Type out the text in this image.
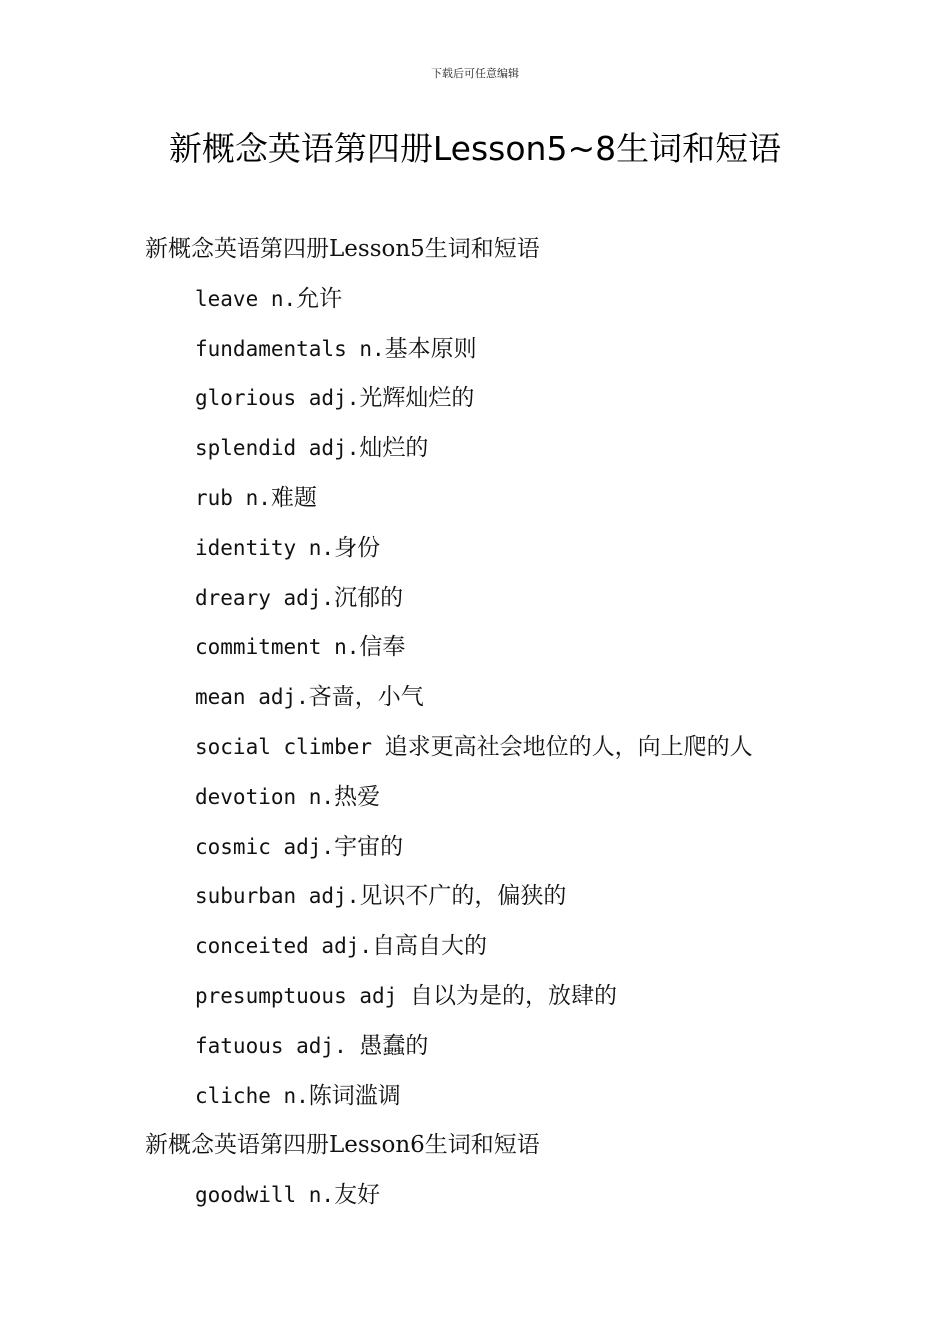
下载后可任意编辑
新概念英语第四册Lesson5~8生词和短语
新概念英语第四册Lesson5生词和短语
leave n.允许
fundamentals n.基本原则
glorious adj.光辉灿烂的
splendid adj.灿烂的
rub n.难题
identity n.身份
dreary adj.沉郁的
commitment n.信奉
mean adj.吝啬，小气
social climber 追求更高社会地位的人，向上爬的人
devotion n.热爱
cosmic adj.宇宙的
suburban adj.见识不广的，偏狭的
conceited adj.自高自大的
presumptuous adj 自以为是的，放肆的
fatuous adj. 愚蠢的
cliche n.陈词滥调
新概念英语第四册Lesson6生词和短语
goodwill n.友好
